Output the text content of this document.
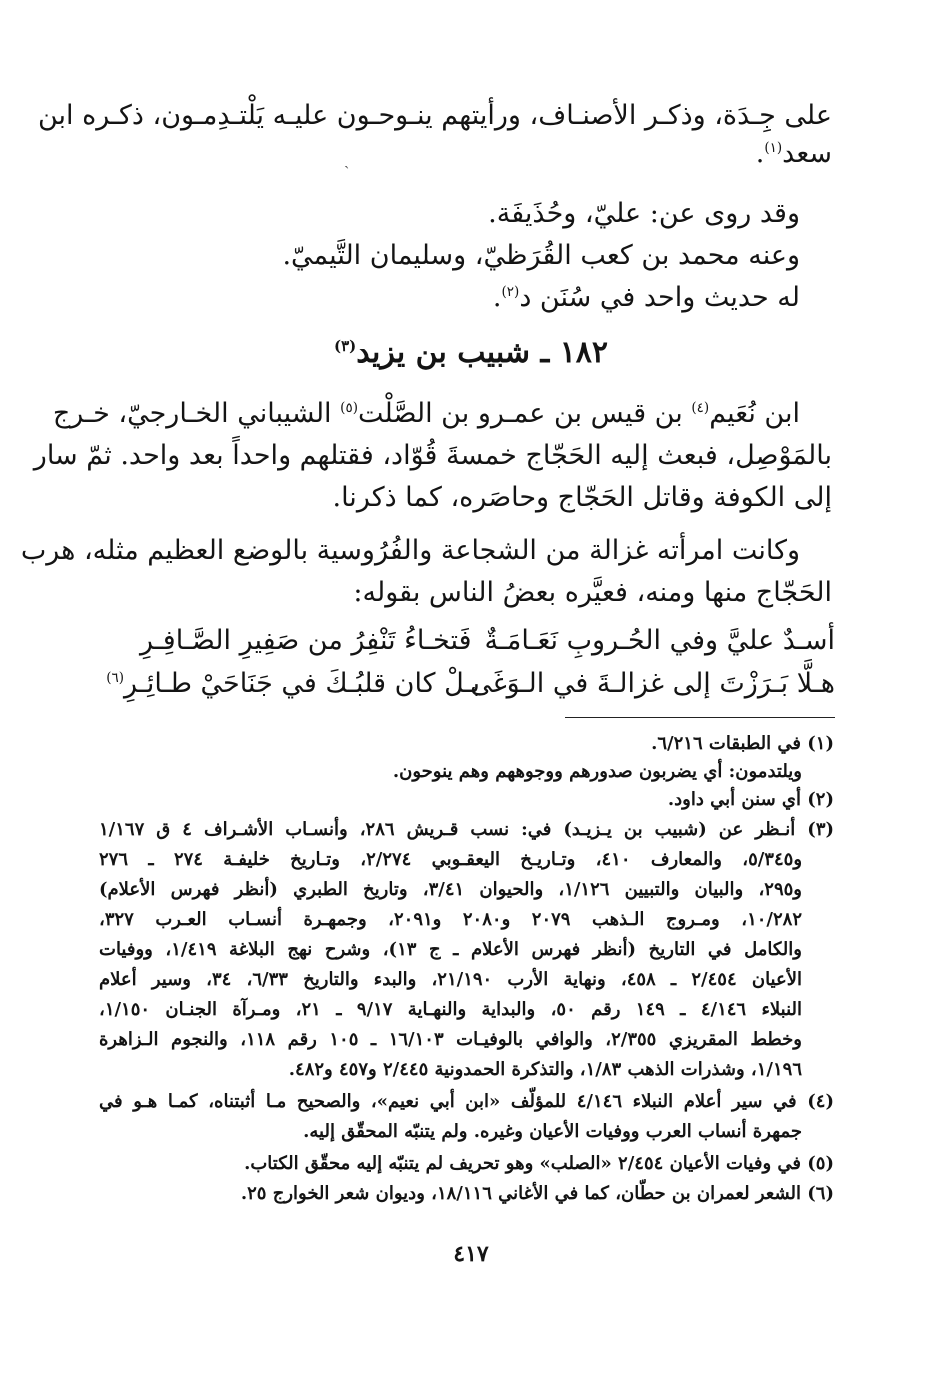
على جِـدَة، وذكـر الأصنـاف، ورأيتهم ينـوحـون عليـه يَلْتـدِمـون، ذكـره ابن

سعد$^{(١)}$.

ˏ

وقد روى عن: عليّ، وحُذَيفَة.

وعنه محمد بن كعب القُرَظيّ، وسليمان التَّيميّ.

له حديث واحد في سُنَن د$^{(٢)}$.

١٨٢ ـ شبيب بن يزيد$^{(٣)}$

ابن نُعَيم$^{(٤)}$ بن قيس بن عمـرو بن الصَّلْت$^{(٥)}$ الشيباني الخـارجيّ، خـرج

بالمَوْصِل، فبعث إليه الحَجّاج خمسةَ قُوّاد، فقتلهم واحداً بعد واحد. ثمّ سار

إلى الكوفة وقاتل الحَجّاج وحاصَره، كما ذكرنا.

وكانت امرأته غزالة من الشجاعة والفُرُوسية بالوضع العظيم مثله، هرب

الحَجّاج منها ومنه، فعيَّره بعضُ الناس بقوله:

أسـدٌ عليَّ وفي الحُـروبِ نَعَـامَـةٌ
فَتخـاءُ تَنْفِرُ من صَفِيرِ الصَّـافِـرِ
هـلَّا بَـرَزْتَ إلى غزالـةَ في الـوَغَى
بـلْ كان قلبُـكَ في جَنَاحَيْ طـائِـرِ$^{(٦)}$

(١) في الطبقات ٦/٢١٦.

ويلتدمون: أي يضربون صدورهم ووجوههم وهم ينوحون.

(٢) أي سنن أبي داود.

(٣) أنـظر عن (شبيب بن يـزيـد) في: نسب قـريش ٢٨٦، وأنسـاب الأشـراف ٤ ق ١/١٦٧

و٥/٣٤٥، والمعارف ٤١٠، وتـاريـخ اليعقـوبي ٢/٢٧٤، وتـاريخ خليفـة ٢٧٤ ـ ٢٧٦

و٢٩٥، والبيان والتبيين ١/١٢٦، والحيوان ٣/٤١، وتاريخ الطبري (أنظر فهرس الأعلام)

١٠/٢٨٢، ومـروج الـذهب ٢٠٧٩ و٢٠٨٠ و٢٠٩١، وجمهـرة أنسـاب العـرب ٣٢٧،

والكامل في التاريخ (أنظر فهرس الأعلام ـ ج ١٣)، وشرح نهج البلاغة ١/٤١٩، ووفيات

الأعيان ٢/٤٥٤ ـ ٤٥٨، ونهاية الأرب ٢١/١٩٠، والبدء والتاريخ ٦/٣٣، ٣٤، وسير أعلام

النبلاء ٤/١٤٦ ـ ١٤٩ رقم ٥٠، والبداية والنهـاية ٩/١٧ ـ ٢١، ومـرآة الجنـان ١/١٥٠،

وخطط المقريزي ٢/٣٥٥، والوافي بالوفيـات ١٦/١٠٣ ـ ١٠٥ رقم ١١٨، والنجوم الـزاهرة

١/١٩٦، وشذرات الذهب ١/٨٣، والتذكرة الحمدونية ٢/٤٤٥ و٤٥٧ و٤٨٢.

(٤) في سير أعلام النبلاء ٤/١٤٦ للمؤلّف «ابن أبي نعيم»، والصحيح مـا أثبتناه، كمـا هـو في

جمهرة أنساب العرب ووفيات الأعيان وغيره. ولم يتنبّه المحقّق إليه.

(٥) في وفيات الأعيان ٢/٤٥٤ «الصلب» وهو تحريف لم يتنبّه إليه محقّق الكتاب.

(٦) الشعر لعمران بن حطّان، كما في الأغاني ١٨/١١٦، وديوان شعر الخوارج ٢٥.

٤١٧
